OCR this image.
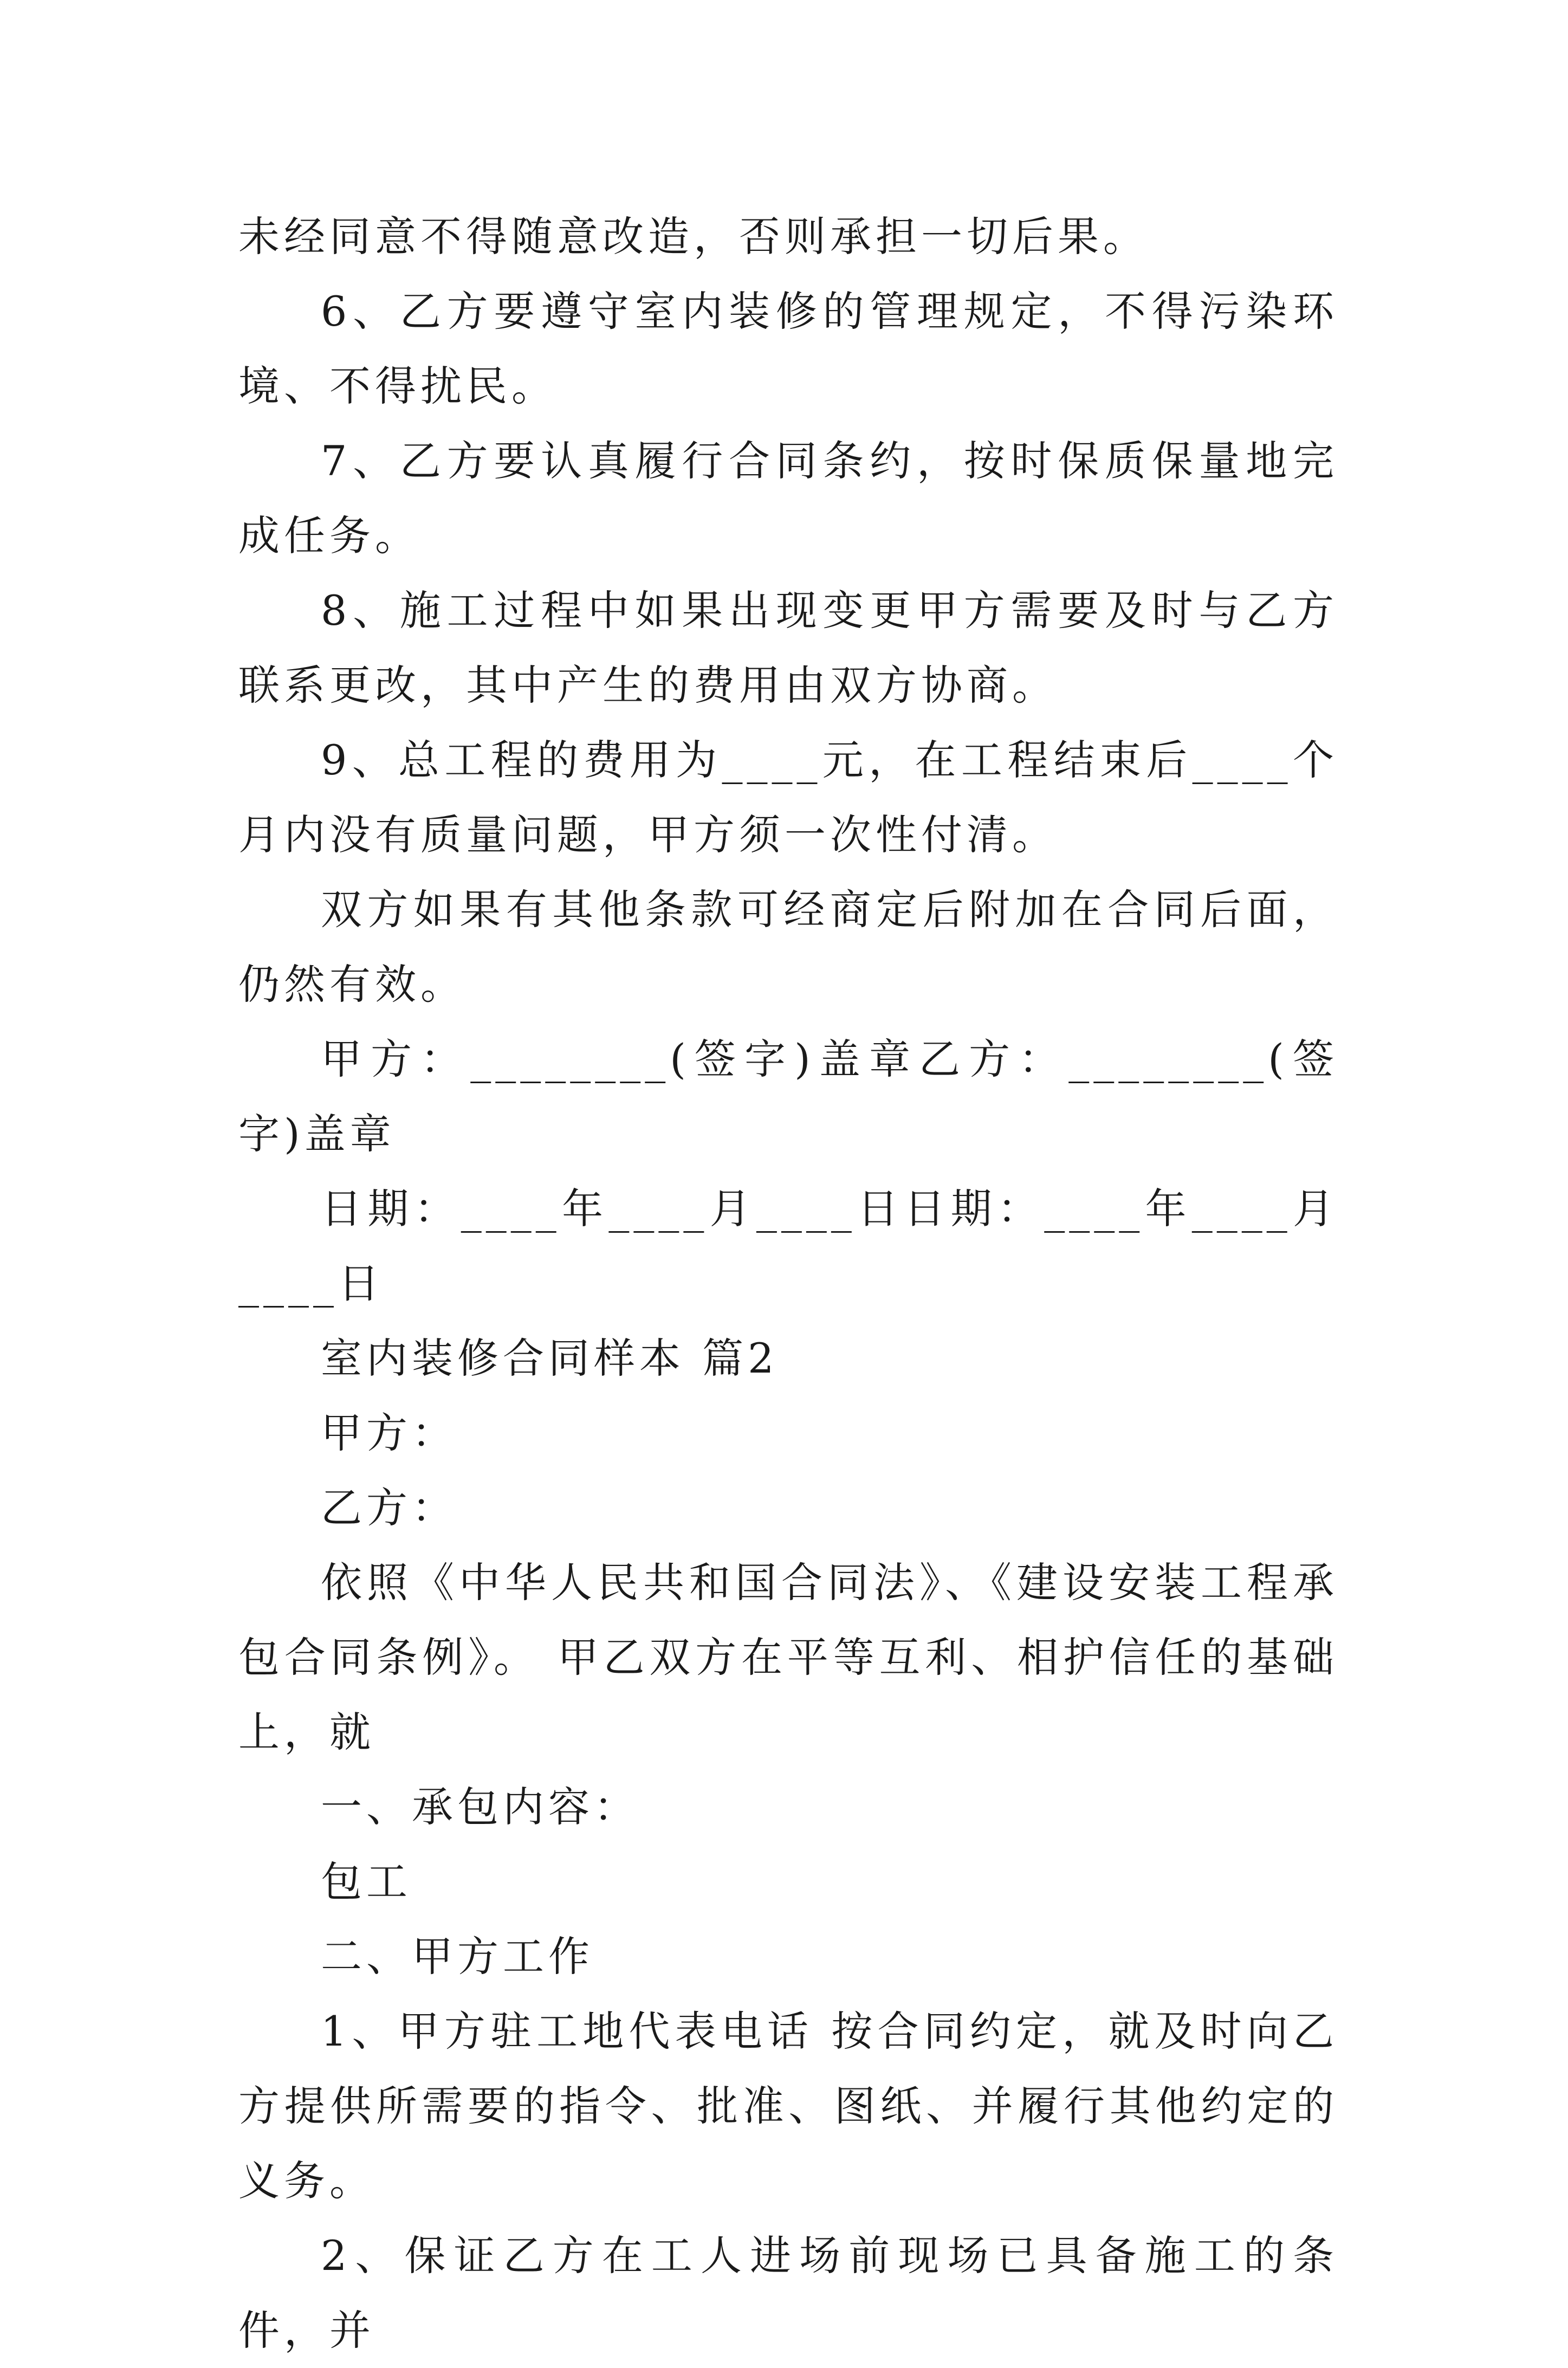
未经同意不得随意改造，否则承担一切后果。

6、乙方要遵守室内装修的管理规定，不得污染环境、不得扰民。

7、乙方要认真履行合同条约，按时保质保量地完成任务。

8、施工过程中如果出现变更甲方需要及时与乙方联系更改，其中产生的费用由双方协商。

9、总工程的费用为____元，在工程结束后____个月内没有质量问题，甲方须一次性付清。

双方如果有其他条款可经商定后附加在合同后面，仍然有效。

甲方：________(签字)盖章乙方：________(签字)盖章

日期：____年____月____日日期：____年____月____日

室内装修合同样本 篇2

甲方：

乙方：

依照《中华人民共和国合同法》、《建设安装工程承包合同条例》。 甲乙双方在平等互利、相护信任的基础上，就

一、承包内容：

包工

二、甲方工作

1、甲方驻工地代表电话 按合同约定，就及时向乙方提供所需要的指令、批准、图纸、并履行其他约定的义务。

2、保证乙方在工人进场前现场已具备施工的条件，并
